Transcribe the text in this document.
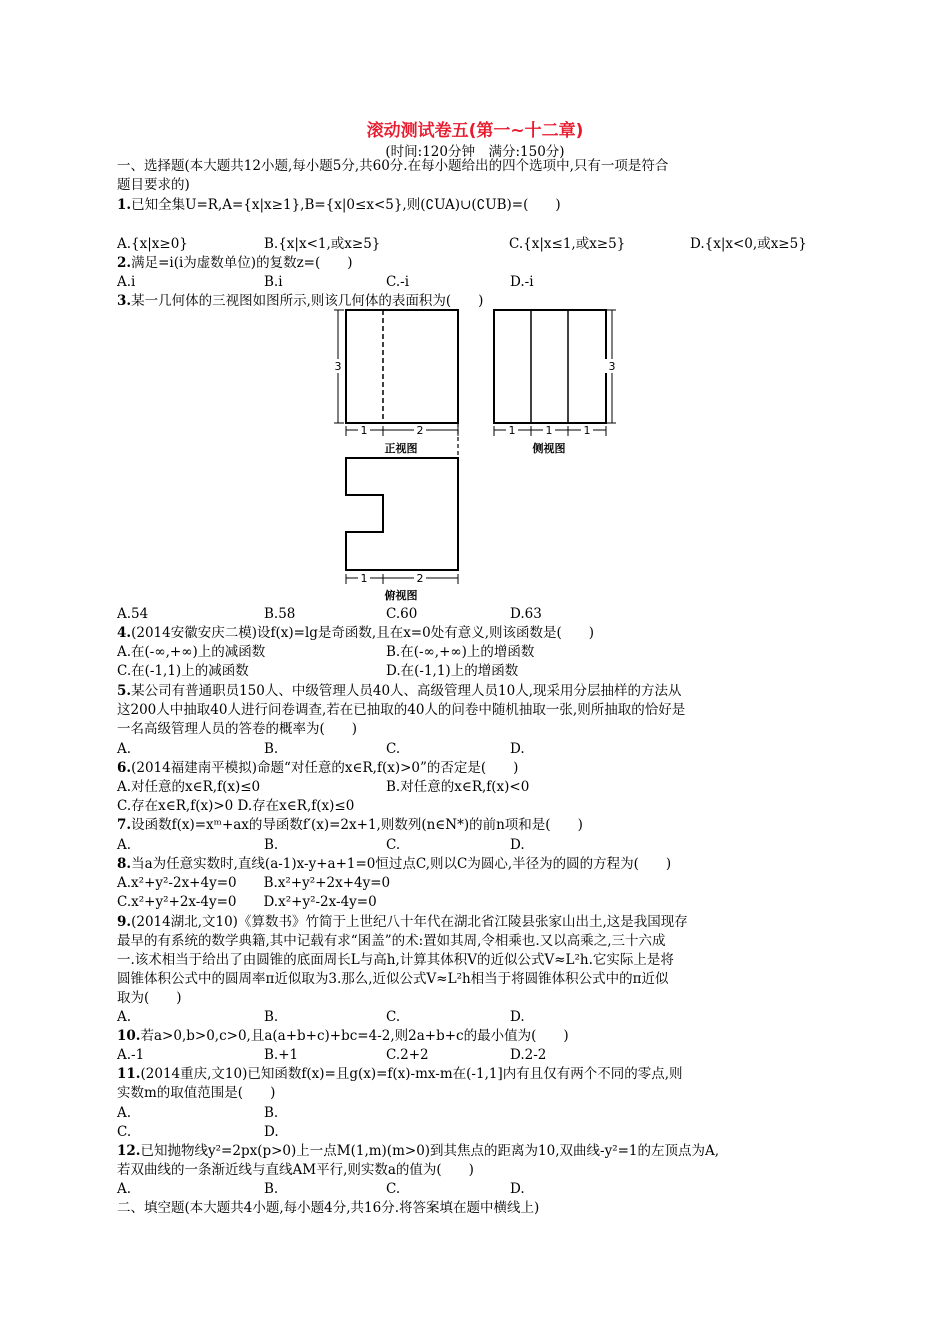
滚动测试卷五(第一~十二章)
(时间:120分钟　满分:150分)
一、选择题(本大题共12小题,每小题5分,共60分.在每小题给出的四个选项中,只有一项是符合
题目要求的)
1.已知全集U=R,A={x|x≥1},B={x|0≤x<5},则(∁UA)∪(∁UB)=(　　)
A.{x|x≥0}	B.{x|x<1,或x≥5}	C.{x|x≤1,或x≥5}	D.{x|x<0,或x≥5}
2.满足=i(i为虚数单位)的复数z=(　　)
A.i	B.i	C.-i	D.-i
3.某一几何体的三视图如图所示,则该几何体的表面积为(　　)
3	3
1	2	1	1	1
1	2
正视图	侧视图
俯视图
A.54	B.58	C.60	D.63
4.(2014安徽安庆二模)设f(x)=lg是奇函数,且在x=0处有意义,则该函数是(　　)
A.在(-∞,+∞)上的减函数	B.在(-∞,+∞)上的增函数
C.在(-1,1)上的减函数	D.在(-1,1)上的增函数
5.某公司有普通职员150人、中级管理人员40人、高级管理人员10人,现采用分层抽样的方法从
这200人中抽取40人进行问卷调查,若在已抽取的40人的问卷中随机抽取一张,则所抽取的恰好是
一名高级管理人员的答卷的概率为(　　)
A.	B.	C.	D.
6.(2014福建南平模拟)命题“对任意的x∈R,f(x)>0”的否定是(　　)
A.对任意的x∈R,f(x)≤0	B.对任意的x∈R,f(x)<0
C.存在x∈R,f(x)>0 D.存在x∈R,f(x)≤0
7.设函数f(x)=xᵐ+ax的导函数f′(x)=2x+1,则数列(n∈N*)的前n项和是(　　)
A.	B.	C.	D.
8.当a为任意实数时,直线(a-1)x-y+a+1=0恒过点C,则以C为圆心,半径为的圆的方程为(　　)
A.x²+y²-2x+4y=0　　B.x²+y²+2x+4y=0
C.x²+y²+2x-4y=0　　D.x²+y²-2x-4y=0
9.(2014湖北,文10)《算数书》竹简于上世纪八十年代在湖北省江陵县张家山出土,这是我国现存
最早的有系统的数学典籍,其中记载有求“囷盖”的术:置如其周,令相乘也.又以高乘之,三十六成
一.该术相当于给出了由圆锥的底面周长L与高h,计算其体积V的近似公式V≈L²h.它实际上是将
圆锥体积公式中的圆周率π近似取为3.那么,近似公式V≈L²h相当于将圆锥体积公式中的π近似
取为(　　)
A.	B.	C.	D.
10.若a>0,b>0,c>0,且a(a+b+c)+bc=4-2,则2a+b+c的最小值为(　　)
A.-1	B.+1	C.2+2	D.2-2
11.(2014重庆,文10)已知函数f(x)=且g(x)=f(x)-mx-m在(-1,1]内有且仅有两个不同的零点,则
实数m的取值范围是(　　)
A.	B.
C.	D.
12.已知抛物线y²=2px(p>0)上一点M(1,m)(m>0)到其焦点的距离为10,双曲线-y²=1的左顶点为A,
若双曲线的一条渐近线与直线AM平行,则实数a的值为(　　)
A.	B.	C.	D.
二、填空题(本大题共4小题,每小题4分,共16分.将答案填在题中横线上)
